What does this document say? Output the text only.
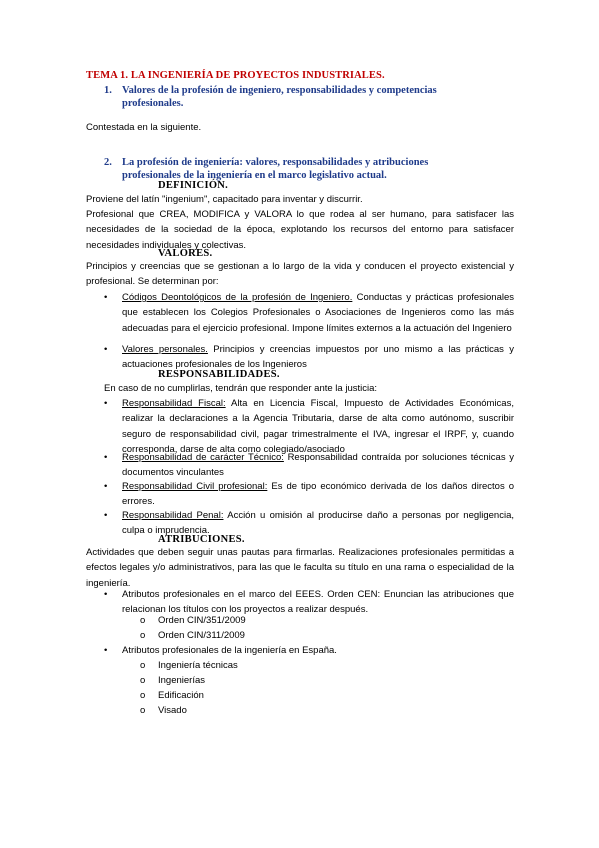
TEMA 1. LA INGENIERÍA DE PROYECTOS INDUSTRIALES.
1. Valores de la profesión de ingeniero, responsabilidades y competencias
profesionales.
Contestada en la siguiente.
2. La profesión de ingeniería: valores, responsabilidades y atribuciones
profesionales de la ingeniería en el marco legislativo actual.
DEFINICIÓN.
Proviene del latín "ingenium", capacitado para inventar y discurrir.
Profesional que CREA, MODIFICA y VALORA lo que rodea al ser humano, para satisfacer las necesidades de la sociedad de la época, explotando los recursos del entorno para satisfacer necesidades individuales y colectivas.
VALORES.
Principios y creencias que se gestionan a lo largo de la vida y conducen el proyecto existencial y profesional. Se determinan por:
• Códigos Deontológicos de la profesión de Ingeniero. Conductas y prácticas profesionales que establecen los Colegios Profesionales o Asociaciones de Ingenieros como las más adecuadas para el ejercicio profesional. Impone límites externos a la actuación del Ingeniero
• Valores personales. Principios y creencias impuestos por uno mismo a las prácticas y actuaciones profesionales de los Ingenieros
RESPONSABILIDADES.
En caso de no cumplirlas, tendrán que responder ante la justicia:
• Responsabilidad Fiscal: Alta en Licencia Fiscal, Impuesto de Actividades Económicas, realizar la declaraciones a la Agencia Tributaria, darse de alta como autónomo, suscribir seguro de responsabilidad civil, pagar trimestralmente el IVA, ingresar el IRPF, y, cuando corresponda, darse de alta como colegiado/asociado
• Responsabilidad de carácter Técnico: Responsabilidad contraída por soluciones técnicas y documentos vinculantes
• Responsabilidad Civil profesional: Es de tipo económico derivada de los daños directos o errores.
• Responsabilidad Penal: Acción u omisión al producirse daño a personas por negligencia, culpa o imprudencia.
ATRIBUCIONES.
Actividades que deben seguir unas pautas para firmarlas. Realizaciones profesionales permitidas a efectos legales y/o administrativos, para las que le faculta su título en una rama o especialidad de la ingeniería.
• Atributos profesionales en el marco del EEES. Orden CEN: Enuncian las atribuciones que relacionan los títulos con los proyectos a realizar después.
o Orden CIN/351/2009
o Orden CIN/311/2009
• Atributos profesionales de la ingeniería en España.
o Ingeniería técnicas
o Ingenierías
o Edificación
o Visado
